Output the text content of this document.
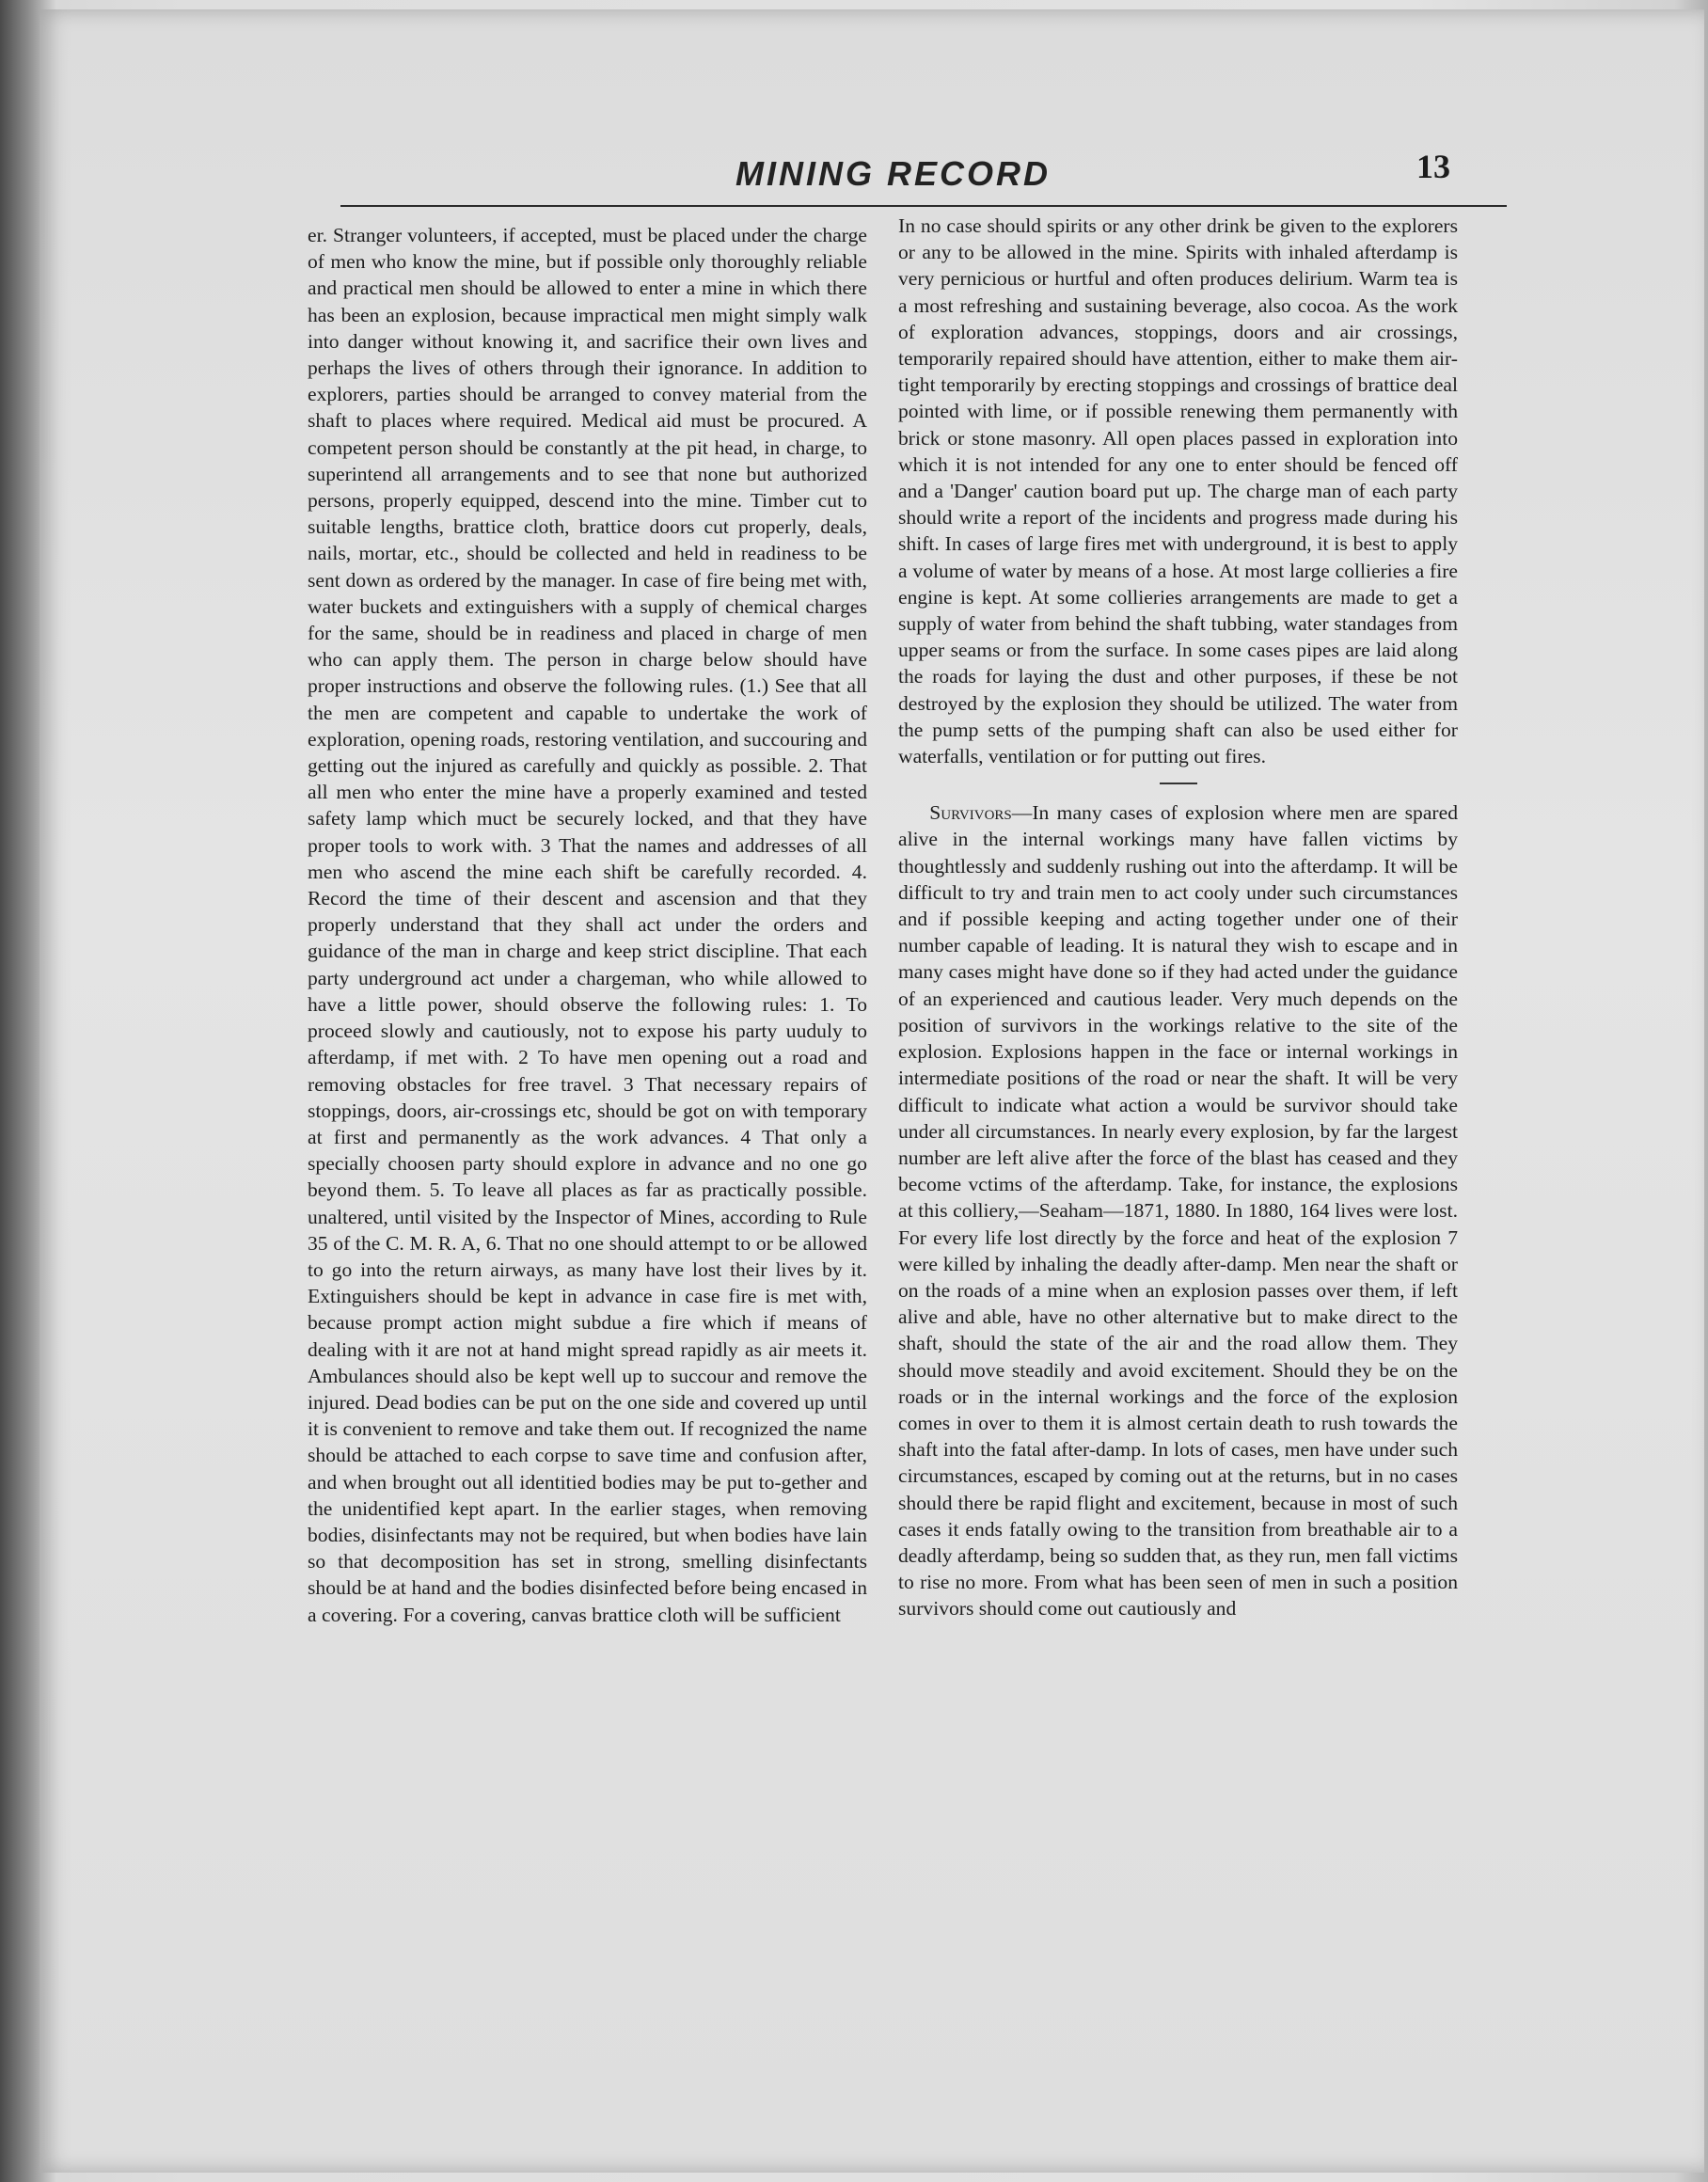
MINING RECORD	13

er. Stranger volunteers, if accepted, must be placed under the charge of men who know the mine, but if possible only thoroughly reliable and practical men should be allowed to enter a mine in which there has been an explosion, because impractical men might simply walk into danger without knowing it, and sacrifice their own lives and perhaps the lives of others through their ignorance. In addition to explorers, parties should be arranged to convey material from the shaft to places where required. Medical aid must be procured. A competent person should be constantly at the pit head, in charge, to superintend all arrangements and to see that none but authorized persons, properly equipped, descend into the mine. Timber cut to suitable lengths, brattice cloth, brattice doors cut properly, deals, nails, mortar, etc., should be collected and held in readiness to be sent down as ordered by the manager. In case of fire being met with, water buckets and extinguishers with a supply of chemical charges for the same, should be in readiness and placed in charge of men who can apply them. The person in charge below should have proper instructions and observe the following rules. (1.) See that all the men are competent and capable to undertake the work of exploration, opening roads, restoring ventilation, and succouring and getting out the injured as carefully and quickly as possible. 2. That all men who enter the mine have a properly examined and tested safety lamp which muct be securely locked, and that they have proper tools to work with. 3 That the names and addresses of all men who ascend the mine each shift be carefully recorded. 4. Record the time of their descent and ascension and that they properly understand that they shall act under the orders and guidance of the man in charge and keep strict discipline. That each party underground act under a chargeman, who while allowed to have a little power, should observe the following rules: 1. To proceed slowly and cautiously, not to expose his party uuduly to afterdamp, if met with. 2 To have men opening out a road and removing obstacles for free travel. 3 That necessary repairs of stoppings, doors, air-crossings etc, should be got on with temporary at first and permanently as the work advances. 4 That only a specially choosen party should explore in advance and no one go beyond them. 5. To leave all places as far as practically possible. unaltered, until visited by the Inspector of Mines, according to Rule 35 of the C. M. R. A, 6. That no one should attempt to or be allowed to go into the return airways, as many have lost their lives by it. Extinguishers should be kept in advance in case fire is met with, because prompt action might subdue a fire which if means of dealing with it are not at hand might spread rapidly as air meets it. Ambulances should also be kept well up to succour and remove the injured. Dead bodies can be put on the one side and covered up until it is convenient to remove and take them out. If recognized the name should be attached to each corpse to save time and confusion after, and when brought out all identitied bodies may be put to-gether and the unidentified kept apart. In the earlier stages, when removing bodies, disinfectants may not be required, but when bodies have lain so that decomposition has set in strong, smelling disinfectants should be at hand and the bodies disinfected before being encased in a covering. For a covering, canvas brattice cloth will be sufficient

In no case should spirits or any other drink be given to the explorers or any to be allowed in the mine. Spirits with inhaled afterdamp is very pernicious or hurtful and often produces delirium. Warm tea is a most refreshing and sustaining beverage, also cocoa. As the work of exploration advances, stoppings, doors and air crossings, temporarily repaired should have attention, either to make them air-tight temporarily by erecting stoppings and crossings of brattice deal pointed with lime, or if possible renewing them permanently with brick or stone masonry. All open places passed in exploration into which it is not intended for any one to enter should be fenced off and a 'Danger' caution board put up. The charge man of each party should write a report of the incidents and progress made during his shift. In cases of large fires met with underground, it is best to apply a volume of water by means of a hose. At most large collieries a fire engine is kept. At some collieries arrangements are made to get a supply of water from behind the shaft tubbing, water standages from upper seams or from the surface. In some cases pipes are laid along the roads for laying the dust and other purposes, if these be not destroyed by the explosion they should be utilized. The water from the pump setts of the pumping shaft can also be used either for waterfalls, ventilation or for putting out fires.

Survivors—In many cases of explosion where men are spared alive in the internal workings many have fallen victims by thoughtlessly and suddenly rushing out into the afterdamp. It will be difficult to try and train men to act cooly under such circumstances and if possible keeping and acting together under one of their number capable of leading. It is natural they wish to escape and in many cases might have done so if they had acted under the guidance of an experienced and cautious leader. Very much depends on the position of survivors in the workings relative to the site of the explosion. Explosions happen in the face or internal workings in intermediate positions of the road or near the shaft. It will be very difficult to indicate what action a would be survivor should take under all circumstances. In nearly every explosion, by far the largest number are left alive after the force of the blast has ceased and they become vctims of the afterdamp. Take, for instance, the explosions at this colliery,—Seaham—1871, 1880. In 1880, 164 lives were lost. For every life lost directly by the force and heat of the explosion 7 were killed by inhaling the deadly after-damp. Men near the shaft or on the roads of a mine when an explosion passes over them, if left alive and able, have no other alternative but to make direct to the shaft, should the state of the air and the road allow them. They should move steadily and avoid excitement. Should they be on the roads or in the internal workings and the force of the explosion comes in over to them it is almost certain death to rush towards the shaft into the fatal after-damp. In lots of cases, men have under such circumstances, escaped by coming out at the returns, but in no cases should there be rapid flight and excitement, because in most of such cases it ends fatally owing to the transition from breathable air to a deadly afterdamp, being so sudden that, as they run, men fall victims to rise no more. From what has been seen of men in such a position survivors should come out cautiously and
